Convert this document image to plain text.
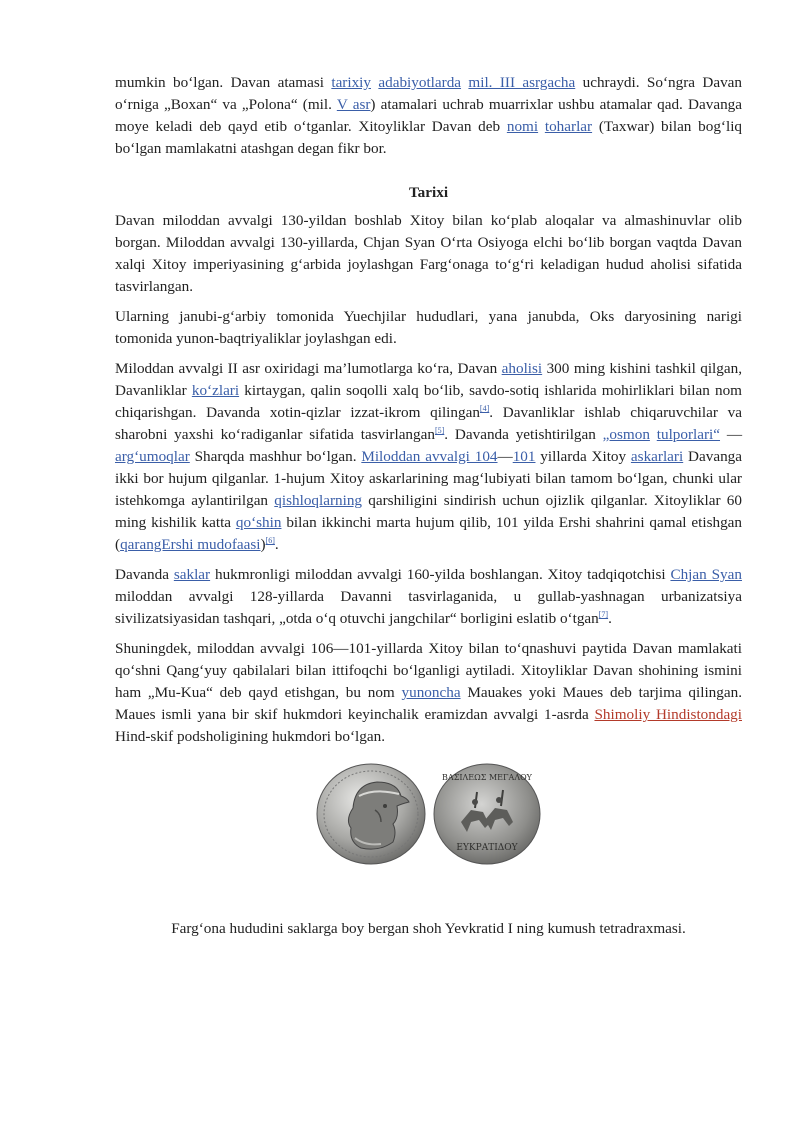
mumkin bo‘lgan. Davan atamasi tarixiy adabiyotlarda mil. III asrgacha uchraydi. So‘ngra Davan o‘rniga „Boxan“ va „Polona“ (mil. V asr) atamalari uchrab muarrixlar ushbu atamalar qad. Davanga moye keladi deb qayd etib o‘tganlar. Xitoyliklar Davan deb nomi toharlar (Taxwar) bilan bog‘liq bo‘lgan mamlakatni atashgan degan fikr bor.

Tarixi

Davan miloddan avvalgi 130-yildan boshlab Xitoy bilan ko‘plab aloqalar va almashinuvlar olib borgan. Miloddan avvalgi 130-yillarda, Chjan Syan O‘rta Osiyoga elchi bo‘lib borgan vaqtda Davan xalqi Xitoy imperiyasining g‘arbida joylashgan Farg‘onaga to‘g‘ri keladigan hudud aholisi sifatida tasvirlangan.

Ularning janubi-g‘arbiy tomonida Yuechjilar hududlari, yana janubda, Oks daryosining narigi tomonida yunon-baqtriyaliklar joylashgan edi.

Miloddan avvalgi II asr oxiridagi ma’lumotlarga ko‘ra, Davan aholisi 300 ming kishini tashkil qilgan, Davanliklar ko‘zlari kirtaygan, qalin soqolli xalq bo‘lib, savdo-sotiq ishlarida mohirliklari bilan nom chiqarishgan. Davanda xotin-qizlar izzat-ikrom qilingan[4]. Davanliklar ishlab chiqaruvchilar va sharobni yaxshi ko‘radiganlar sifatida tasvirlangan[5]. Davanda yetishtirilgan „osmon tulporlari“ — arg‘umoqlar Sharqda mashhur bo‘lgan. Miloddan avvalgi 104—101 yillarda Xitoy askarlari Davanga ikki bor hujum qilganlar. 1-hujum Xitoy askarlarining mag‘lubiyati bilan tamom bo‘lgan, chunki ular istehkomga aylantirilgan qishloqlarning qarshiligini sindirish uchun ojizlik qilganlar. Xitoyliklar 60 ming kishilik katta qo‘shin bilan ikkinchi marta hujum qilib, 101 yilda Ershi shahrini qamal etishgan (qarangErshi mudofaasi)[6].

Davanda saklar hukmronligi miloddan avvalgi 160-yilda boshlangan. Xitoy tadqiqotchisi Chjan Syan miloddan avvalgi 128-yillarda Davanni tasvirlaganida, u gullab-yashnagan urbanizatsiya sivilizatsiyasidan tashqari, „otda o‘q otuvchi jangchilar“ borligini eslatib o‘tgan[7].

Shuningdek, miloddan avvalgi 106—101-yillarda Xitoy bilan to‘qnashuvi paytida Davan mamlakati qo‘shni Qang‘yuy qabilalari bilan ittifoqchi bo‘lganligi aytiladi. Xitoyliklar Davan shohining ismini ham „Mu-Kua“ deb qayd etishgan, bu nom yunoncha Mauakes yoki Maues deb tarjima qilingan. Maues ismli yana bir skif hukmdori keyinchalik eramizdan avvalgi 1-asrda Shimoliy Hindistondagi Hind-skif podsholigining hukmdori bo‘lgan.

ΒΑΣΙΛΕΩΣ ΜΕΓΑΛΟΥ
ΕΥΚΡΑΤΙΔΟΥ
Farg‘ona hududini saklarga boy bergan shoh Yevkratid I ning kumush tetradraxmasi.
